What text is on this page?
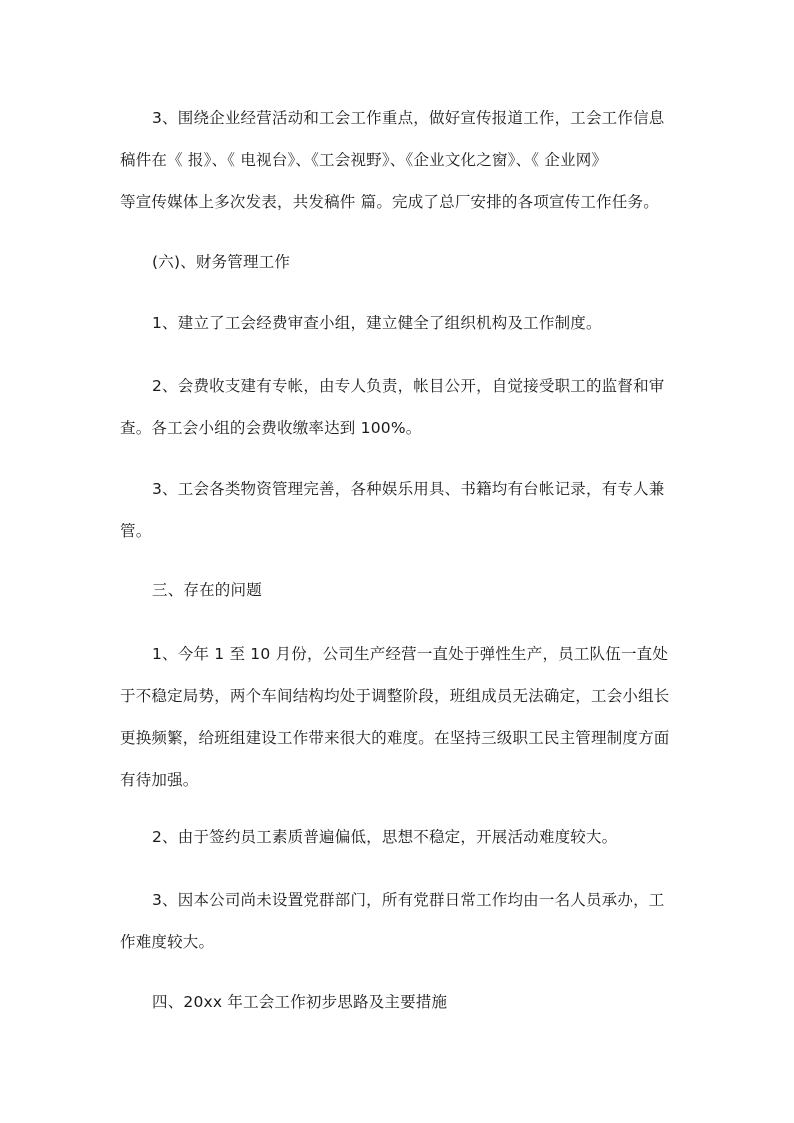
3、围绕企业经营活动和工会工作重点，做好宣传报道工作，工会工作信息
稿件在《 报》、《 电视台》、《工会视野》、《企业文化之窗》、《 企业网》
等宣传媒体上多次发表，共发稿件 篇。完成了总厂安排的各项宣传工作任务。
(六)、财务管理工作
1、建立了工会经费审查小组，建立健全了组织机构及工作制度。
2、会费收支建有专帐，由专人负责，帐目公开，自觉接受职工的监督和审
查。各工会小组的会费收缴率达到 100%。
3、工会各类物资管理完善，各种娱乐用具、书籍均有台帐记录，有专人兼
管。
三、存在的问题
1、今年 1 至 10 月份，公司生产经营一直处于弹性生产，员工队伍一直处
于不稳定局势，两个车间结构均处于调整阶段，班组成员无法确定，工会小组长
更换频繁，给班组建设工作带来很大的难度。在坚持三级职工民主管理制度方面
有待加强。
2、由于签约员工素质普遍偏低，思想不稳定，开展活动难度较大。
3、因本公司尚未设置党群部门，所有党群日常工作均由一名人员承办，工
作难度较大。
四、20xx 年工会工作初步思路及主要措施
